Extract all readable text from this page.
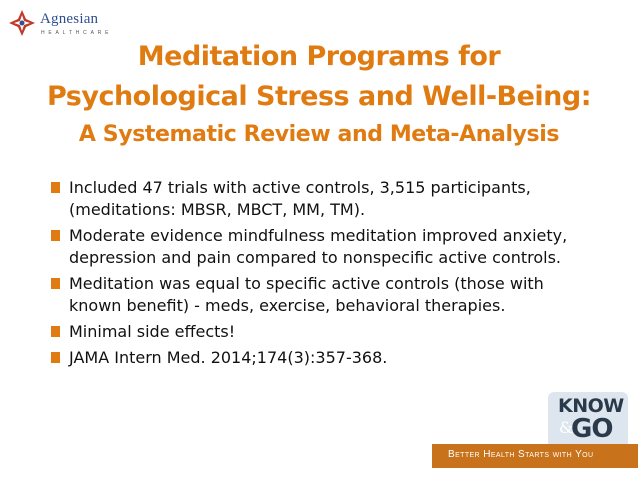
Agnesian
HEALTHCARE
Meditation Programs for
Psychological Stress and Well-Being:
A Systematic Review and Meta-Analysis
Included 47 trials with active controls, 3,515 participants, (meditations: MBSR, MBCT, MM, TM).
Moderate evidence mindfulness meditation improved anxiety, depression and pain compared to nonspecific active controls.
Meditation was equal to specific active controls (those with known benefit) - meds, exercise, behavioral therapies.
Minimal side effects!
JAMA Intern Med. 2014;174(3):357-368.
KNOW
&
GO
Better Health Starts with You
